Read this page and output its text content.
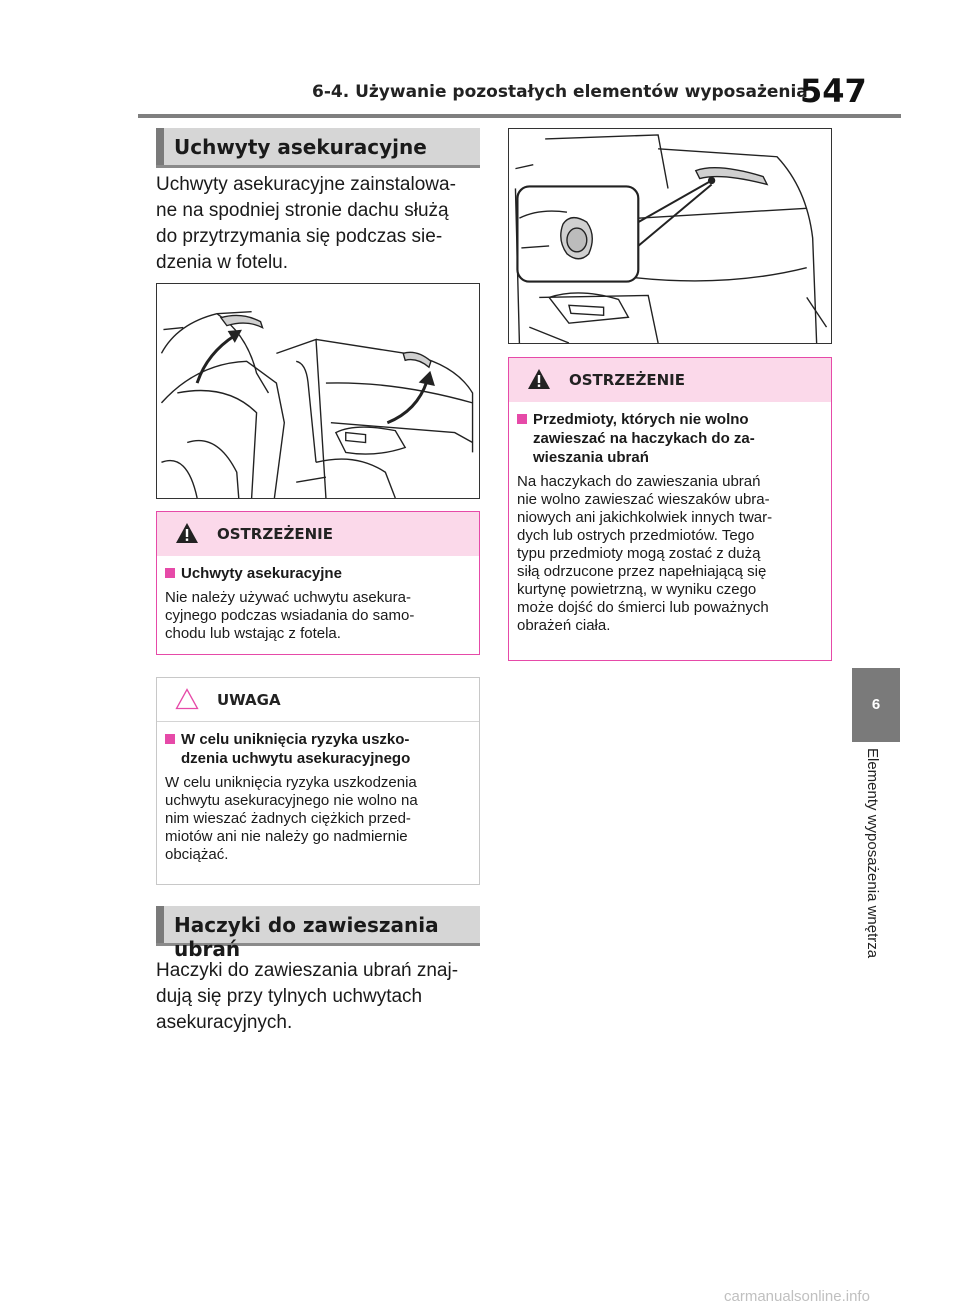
6-4. Używanie pozostałych elementów wyposażenia
547
Uchwyty asekuracyjne

Uchwyty asekuracyjne zainstalowa-

ne na spodniej stronie dachu służą

do przytrzymania się podczas sie-

dzenia w fotelu.

OSTRZEŻENIE
Uchwyty asekuracyjne

Nie należy używać uchwytu asekura-

cyjnego podczas wsiadania do samo-

chodu lub wstając z fotela.

UWAGA
W celu uniknięcia ryzyka uszko-
dzenia uchwytu asekuracyjnego

W celu uniknięcia ryzyka uszkodzenia

uchwytu asekuracyjnego nie wolno na

nim wieszać żadnych ciężkich przed-

miotów ani nie należy go nadmiernie

obciążać.

Haczyki do zawieszania ubrań

Haczyki do zawieszania ubrań znaj-

dują się przy tylnych uchwytach

asekuracyjnych.

OSTRZEŻENIE
Przedmioty, których nie wolno
zawieszać na haczykach do za-
wieszania ubrań

Na haczykach do zawieszania ubrań

nie wolno zawieszać wieszaków ubra-

niowych ani jakichkolwiek innych twar-

dych lub ostrych przedmiotów. Tego

typu przedmioty mogą zostać z dużą

siłą odrzucone przez napełniającą się

kurtynę powietrzną, w wyniku czego

może dojść do śmierci lub poważnych

obrażeń ciała.

6
Elementy wyposażenia wnętrza
carmanualsonline.info
